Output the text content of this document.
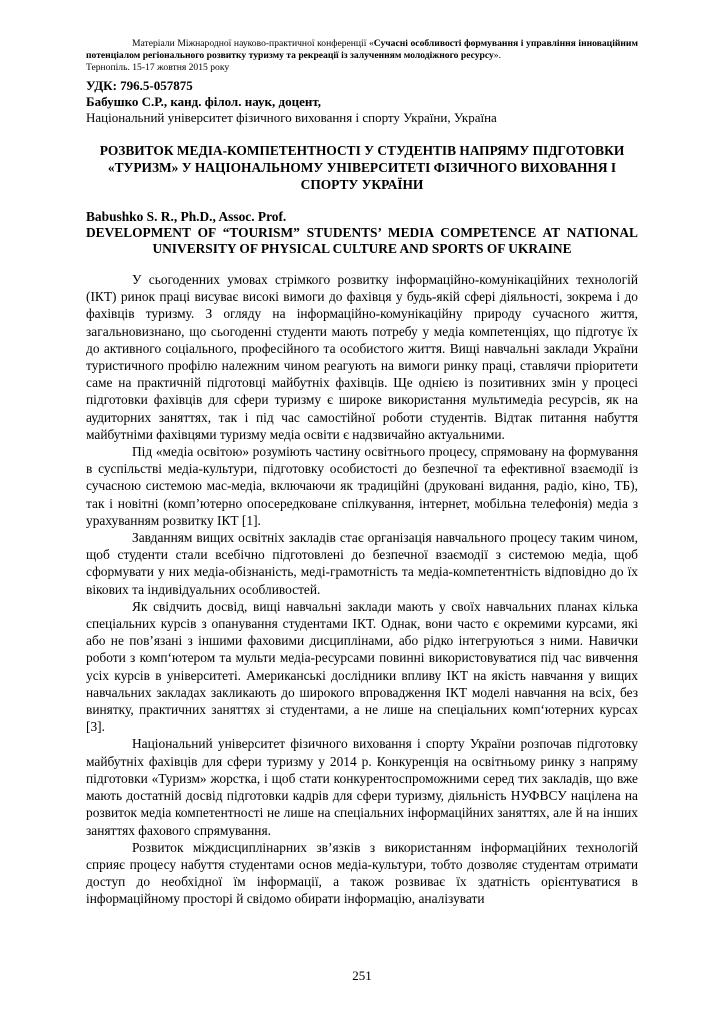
Матеріали Міжнародної науково-практичної конференції «Сучасні особливості формування і управління інноваційним потенціалом регіонального розвитку туризму та рекреації із залученням молодіжного ресурсу».
Тернопіль. 15-17 жовтня 2015 року
УДК: 796.5-057875
Бабушко С.Р., канд. філол. наук, доцент,
Національний університет фізичного виховання і спорту України, Україна
РОЗВИТОК МЕДІА-КОМПЕТЕНТНОСТІ У СТУДЕНТІВ НАПРЯМУ ПІДГОТОВКИ «ТУРИЗМ» У НАЦІОНАЛЬНОМУ УНІВЕРСИТЕТІ ФІЗИЧНОГО ВИХОВАННЯ І СПОРТУ УКРАЇНИ
Babushko S. R., Ph.D., Assoc. Prof.
DEVELOPMENT OF “TOURISM” STUDENTS’ MEDIA COMPETENCE AT NATIONAL UNIVERSITY OF PHYSICAL CULTURE AND SPORTS OF UKRAINE

У сьогоденних умовах стрімкого розвитку інформаційно-комунікаційних технологій (ІКТ) ринок праці висуває високі вимоги до фахівця у будь-якій сфері діяльності, зокрема і до фахівців туризму. З огляду на інформаційно-комунікаційну природу сучасного життя, загальновизнано, що сьогоденні студенти мають потребу у медіа компетенціях, що підготує їх до активного соціального, професійного та особистого життя. Вищі навчальні заклади України туристичного профілю належним чином реагують на вимоги ринку праці, ставлячи пріоритети саме на практичній підготовці майбутніх фахівців. Ще однією із позитивних змін у процесі підготовки фахівців для сфери туризму є широке використання мультимедіа ресурсів, як на аудиторних заняттях, так і під час самостійної роботи студентів. Відтак питання набуття майбутніми фахівцями туризму медіа освіти є надзвичайно актуальними.

Під «медіа освітою» розуміють частину освітнього процесу, спрямовану на формування в суспільстві медіа-культури, підготовку особистості до безпечної та ефективної взаємодії із сучасною системою мас-медіа, включаючи як традиційні (друковані видання, радіо, кіно, ТБ), так і новітні (комп’ютерно опосередковане спілкування, інтернет, мобільна телефонія) медіа з урахуванням розвитку ІКТ [1].

Завданням вищих освітніх закладів стає організація навчального процесу таким чином, щоб студенти стали всебічно підготовлені до безпечної взаємодії з системою медіа, щоб сформувати у них медіа-обізнаність, меді-грамотність та медіа-компетентність відповідно до їх вікових та індивідуальних особливостей.

Як свідчить досвід, вищі навчальні заклади мають у своїх навчальних планах кілька спеціальних курсів з опанування студентами ІКТ. Однак, вони часто є окремими курсами, які або не пов’язані з іншими фаховими дисциплінами, або рідко інтегруються з ними. Навички роботи з комп‘ютером та мульти медіа-ресурсами повинні використовуватися під час вивчення усіх курсів в університеті. Американські дослідники впливу ІКТ на якість навчання у вищих навчальних закладах закликають до широкого впровадження ІКТ моделі навчання на всіх, без винятку, практичних заняттях зі студентами, а не лише на спеціальних комп‘ютерних курсах [3].

Національний університет фізичного виховання і спорту України розпочав підготовку майбутніх фахівців для сфери туризму у 2014 р. Конкуренція на освітньому ринку з напряму підготовки «Туризм» жорстка, і щоб стати конкурентоспроможними серед тих закладів, що вже мають достатній досвід підготовки кадрів для сфери туризму, діяльність НУФВСУ націлена на розвиток медіа компетентності не лише на спеціальних інформаційних заняттях, але й на інших заняттях фахового спрямування.

Розвиток міждисциплінарних зв’язків з використанням інформаційних технологій сприяє процесу набуття студентами основ медіа-культури, тобто дозволяє студентам отримати доступ до необхідної їм інформації, а також розвиває їх здатність орієнтуватися в інформаційному просторі й свідомо обирати інформацію, аналізувати

251
